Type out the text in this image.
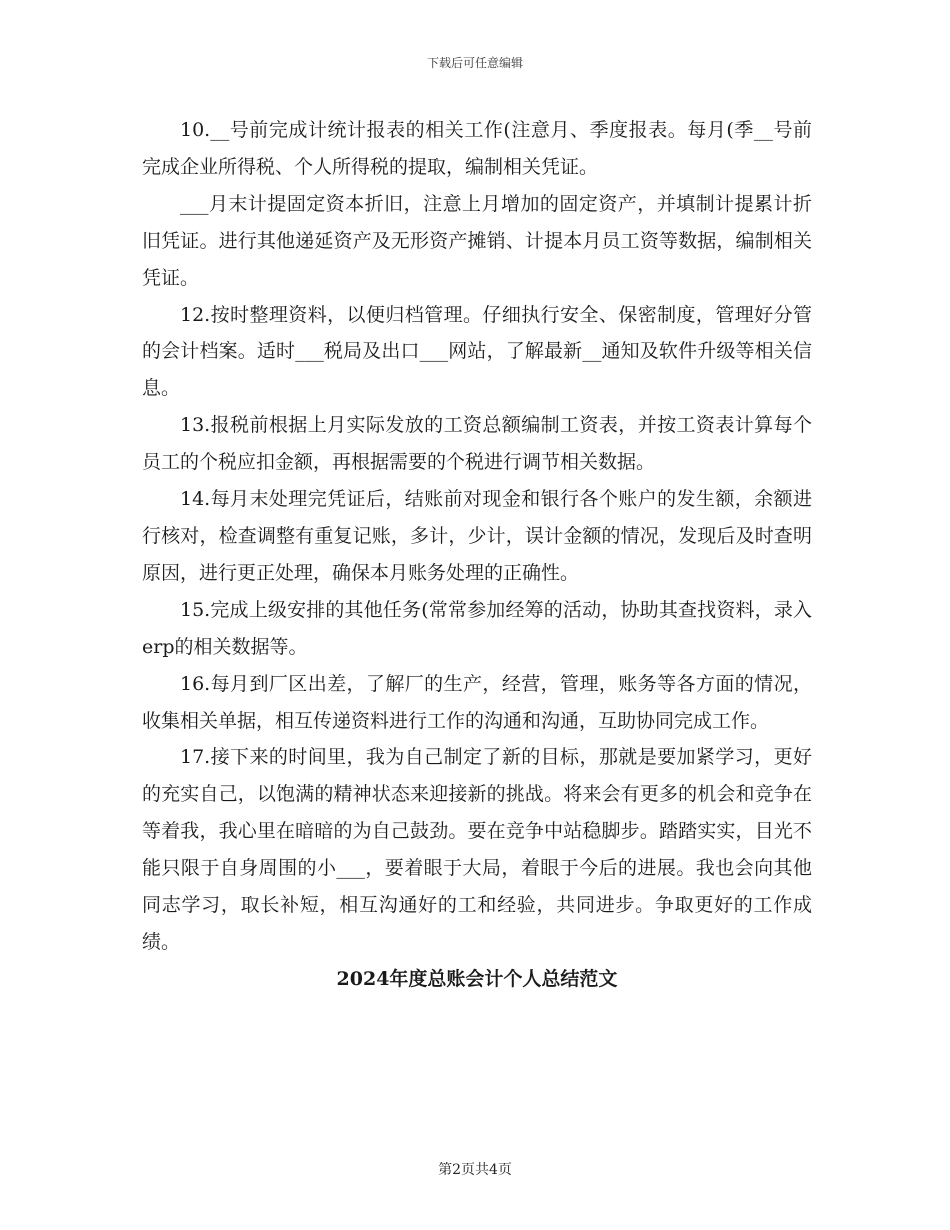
下载后可任意编辑

10.__号前完成计统计报表的相关工作(注意月、季度报表。每月(季__号前完成企业所得税、个人所得税的提取，编制相关凭证。

___月末计提固定资本折旧，注意上月增加的固定资产，并填制计提累计折旧凭证。进行其他递延资产及无形资产摊销、计提本月员工资等数据，编制相关凭证。

12.按时整理资料，以便归档管理。仔细执行安全、保密制度，管理好分管的会计档案。适时___税局及出口___网站，了解最新__通知及软件升级等相关信息。

13.报税前根据上月实际发放的工资总额编制工资表，并按工资表计算每个员工的个税应扣金额，再根据需要的个税进行调节相关数据。

14.每月末处理完凭证后，结账前对现金和银行各个账户的发生额，余额进行核对，检查调整有重复记账，多计，少计，误计金额的情况，发现后及时查明原因，进行更正处理，确保本月账务处理的正确性。

15.完成上级安排的其他任务(常常参加经筹的活动，协助其查找资料，录入erp的相关数据等。

16.每月到厂区出差，了解厂的生产，经营，管理，账务等各方面的情况，收集相关单据，相互传递资料进行工作的沟通和沟通，互助协同完成工作。

17.接下来的时间里，我为自己制定了新的目标，那就是要加紧学习，更好的充实自己，以饱满的精神状态来迎接新的挑战。将来会有更多的机会和竞争在等着我，我心里在暗暗的为自己鼓劲。要在竞争中站稳脚步。踏踏实实，目光不能只限于自身周围的小___，要着眼于大局，着眼于今后的进展。我也会向其他同志学习，取长补短，相互沟通好的工和经验，共同进步。争取更好的工作成绩。

2024年度总账会计个人总结范文
第2页共4页
